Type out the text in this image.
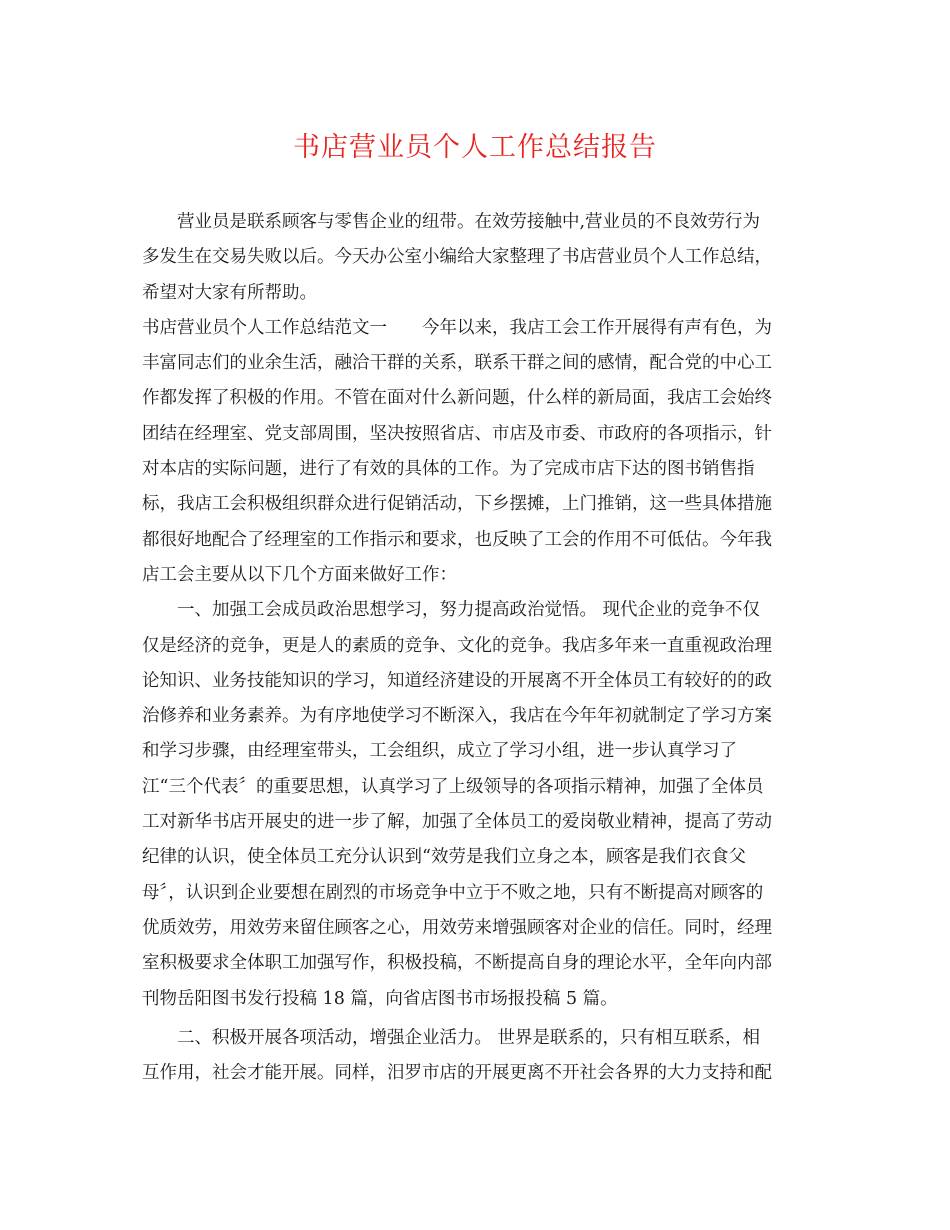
书店营业员个人工作总结报告
营业员是联系顾客与零售企业的纽带。在效劳接触中,营业员的不良效劳行为
多发生在交易失败以后。今天办公室小编给大家整理了书店营业员个人工作总结，
希望对大家有所帮助。
书店营业员个人工作总结范文一　　今年以来，我店工会工作开展得有声有色，为
丰富同志们的业余生活，融洽干群的关系，联系干群之间的感情，配合党的中心工
作都发挥了积极的作用。不管在面对什么新问题，什么样的新局面，我店工会始终
团结在经理室、党支部周围，坚决按照省店、市店及市委、市政府的各项指示，针
对本店的实际问题，进行了有效的具体的工作。为了完成市店下达的图书销售指
标，我店工会积极组织群众进行促销活动，下乡摆摊，上门推销，这一些具体措施
都很好地配合了经理室的工作指示和要求，也反映了工会的作用不可低估。今年我
店工会主要从以下几个方面来做好工作：
一、加强工会成员政治思想学习，努力提高政治觉悟。 现代企业的竞争不仅
仅是经济的竞争，更是人的素质的竞争、文化的竞争。我店多年来一直重视政治理
论知识、业务技能知识的学习，知道经济建设的开展离不开全体员工有较好的的政
治修养和业务素养。为有序地使学习不断深入，我店在今年年初就制定了学习方案
和学习步骤，由经理室带头，工会组织，成立了学习小组，进一步认真学习了
江“三个代表〞的重要思想，认真学习了上级领导的各项指示精神，加强了全体员
工对新华书店开展史的进一步了解，加强了全体员工的爱岗敬业精神，提高了劳动
纪律的认识，使全体员工充分认识到“效劳是我们立身之本，顾客是我们衣食父
母〞，认识到企业要想在剧烈的市场竞争中立于不败之地，只有不断提高对顾客的
优质效劳，用效劳来留住顾客之心，用效劳来增强顾客对企业的信任。同时，经理
室积极要求全体职工加强写作，积极投稿，不断提高自身的理论水平，全年向内部
刊物岳阳图书发行投稿 18 篇，向省店图书市场报投稿 5 篇。
二、积极开展各项活动，增强企业活力。 世界是联系的，只有相互联系，相
互作用，社会才能开展。同样，汨罗市店的开展更离不开社会各界的大力支持和配
